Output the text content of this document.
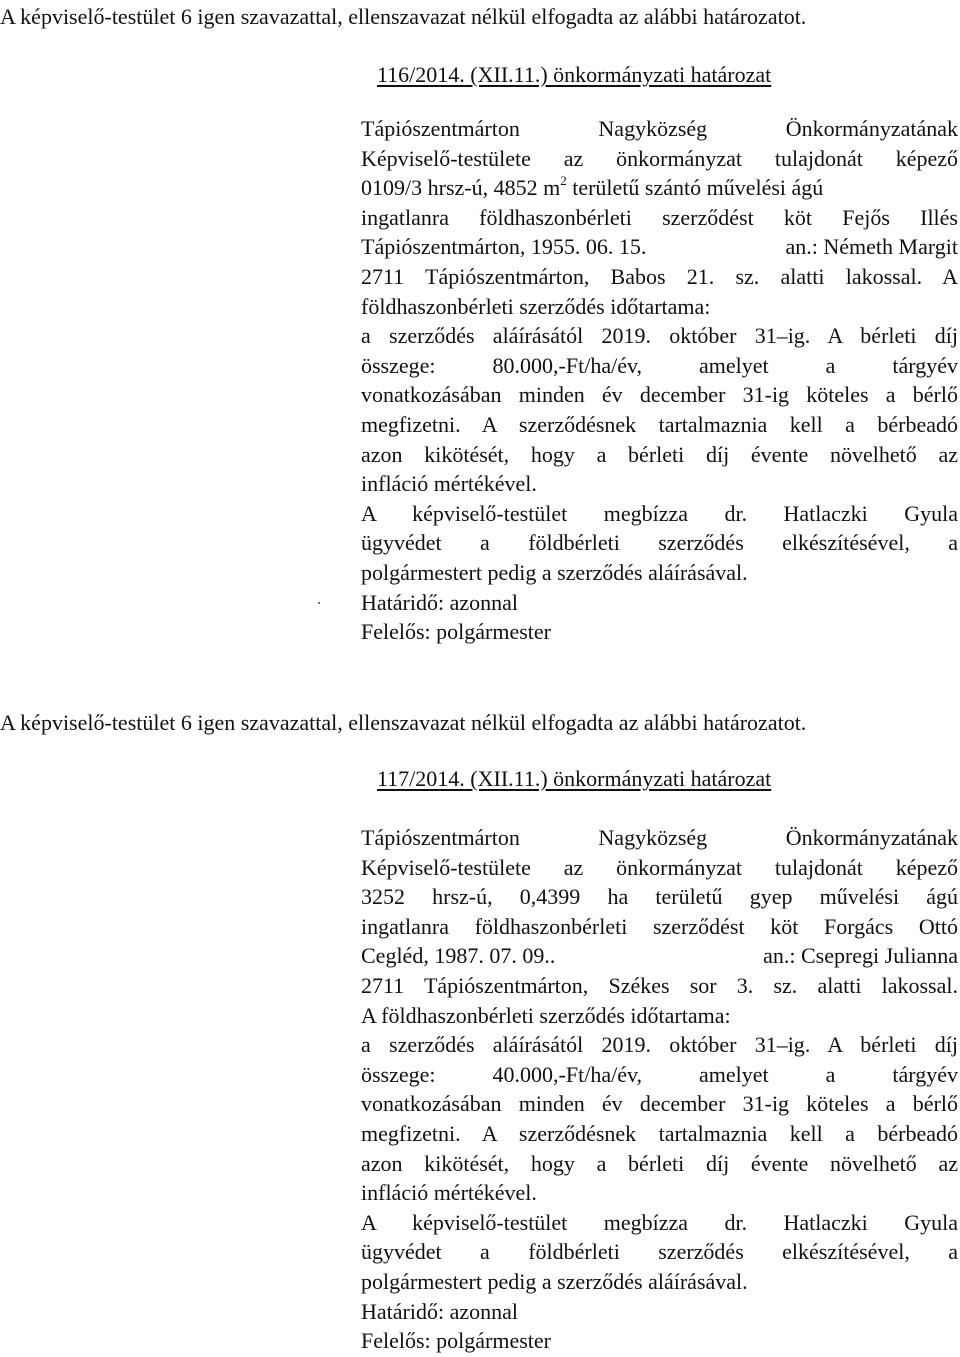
A képviselő-testület 6 igen szavazattal, ellenszavazat nélkül elfogadta az alábbi határozatot.
116/2014. (XII.11.) önkormányzati határozat
Tápiószentmárton Nagyközség Önkormányzatának
Képviselő-testülete az önkormányzat tulajdonát képező
0109/3 hrsz-ú, 4852 $m^2$ területű szántó művelési ágú
ingatlanra földhaszonbérleti szerződést köt Fejős Illés
Tápiószentmárton, 1955. 06. 15.	an.: Németh Margit
2711 Tápiószentmárton, Babos 21. sz. alatti lakossal. A
földhaszonbérleti szerződés időtartama:
a szerződés aláírásától 2019. október 31–ig. A bérleti díj
összege: 80.000,-Ft/ha/év, amelyet a tárgyév
vonatkozásában minden év december 31-ig köteles a bérlő
megfizetni. A szerződésnek tartalmaznia kell a bérbeadó
azon kikötését, hogy a bérleti díj évente növelhető az
infláció mértékével.
A képviselő-testület megbízza dr. Hatlaczki Gyula
ügyvédet a földbérleti szerződés elkészítésével, a
polgármestert pedig a szerződés aláírásával.
Határidő: azonnal
Felelős: polgármester
A képviselő-testület 6 igen szavazattal, ellenszavazat nélkül elfogadta az alábbi határozatot.
117/2014. (XII.11.) önkormányzati határozat
Tápiószentmárton Nagyközség Önkormányzatának
Képviselő-testülete az önkormányzat tulajdonát képező
3252 hrsz-ú, 0,4399 ha területű gyep művelési ágú
ingatlanra földhaszonbérleti szerződést köt Forgács Ottó
Cegléd, 1987. 07. 09..	an.: Csepregi Julianna
2711 Tápiószentmárton, Székes sor 3. sz. alatti lakossal.
A földhaszonbérleti szerződés időtartama:
a szerződés aláírásától 2019. október 31–ig. A bérleti díj
összege: 40.000,-Ft/ha/év, amelyet a tárgyév
vonatkozásában minden év december 31-ig köteles a bérlő
megfizetni. A szerződésnek tartalmaznia kell a bérbeadó
azon kikötését, hogy a bérleti díj évente növelhető az
infláció mértékével.
A képviselő-testület megbízza dr. Hatlaczki Gyula
ügyvédet a földbérleti szerződés elkészítésével, a
polgármestert pedig a szerződés aláírásával.
Határidő: azonnal
Felelős: polgármester
